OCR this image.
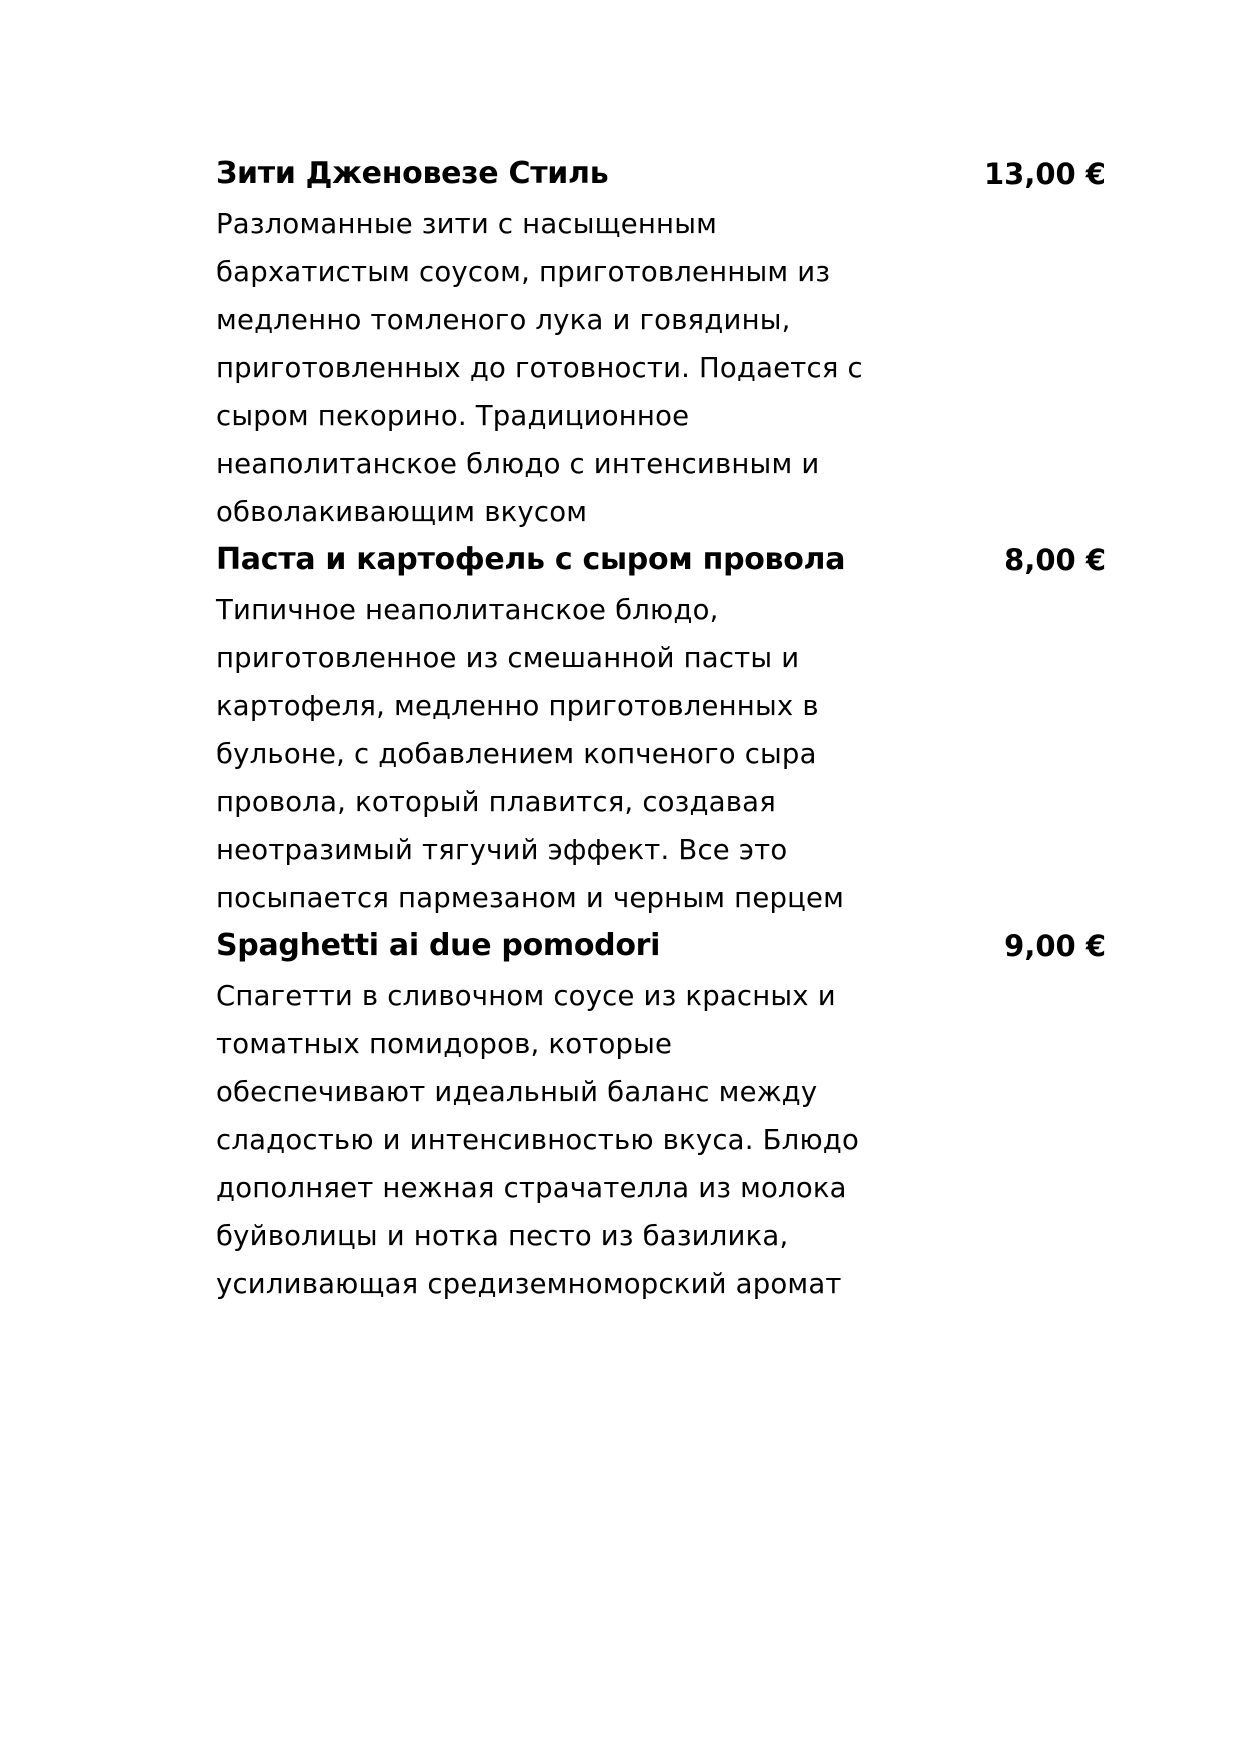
Зити Дженовезе Стиль	13,00 €

Разломанные зити с насыщенным
бархатистым соусом, приготовленным из
медленно томленого лука и говядины,
приготовленных до готовности. Подается с
сыром пекорино. Традиционное
неаполитанское блюдо с интенсивным и
обволакивающим вкусом

Паста и картофель с сыром провола	8,00 €

Типичное неаполитанское блюдо,
приготовленное из смешанной пасты и
картофеля, медленно приготовленных в
бульоне, с добавлением копченого сыра
провола, который плавится, создавая
неотразимый тягучий эффект. Все это
посыпается пармезаном и черным перцем

Spaghetti ai due pomodori	9,00 €

Спагетти в сливочном соусе из красных и
томатных помидоров, которые
обеспечивают идеальный баланс между
сладостью и интенсивностью вкуса. Блюдо
дополняет нежная страчателла из молока
буйволицы и нотка песто из базилика,
усиливающая средиземноморский аромат
